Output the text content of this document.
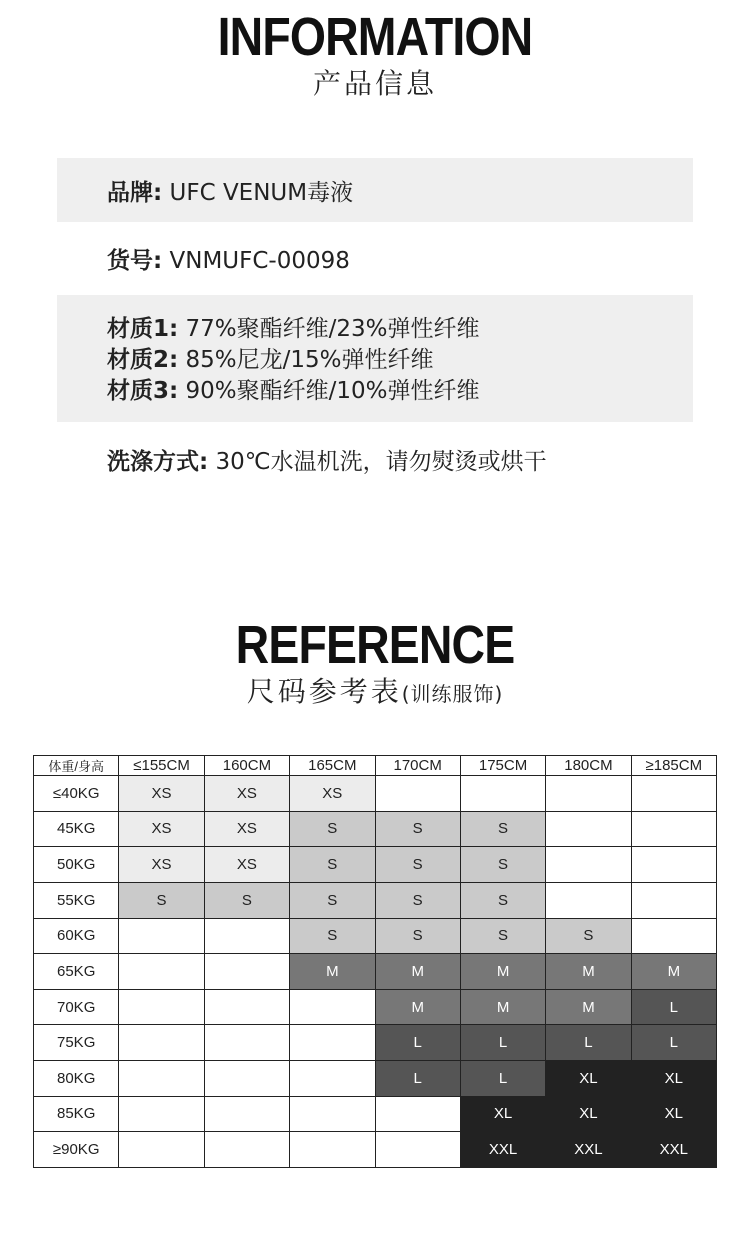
INFORMATION
产品信息
品牌: UFC VENUM毒液
货号: VNMUFC-00098
材质1: 77%聚酯纤维/23%弹性纤维
材质2: 85%尼龙/15%弹性纤维
材质3: 90%聚酯纤维/10%弹性纤维
洗涤方式: 30℃水温机洗，请勿熨烫或烘干
REFERENCE
尺码参考表(训练服饰)
体重/身高	≤155CM	160CM	165CM	170CM	175CM	180CM	≥185CM
≤40KG	XS	XS	XS				
45KG	XS	XS	S	S	S		
50KG	XS	XS	S	S	S		
55KG	S	S	S	S	S		
60KG			S	S	S	S	
65KG			M	M	M	M	M
70KG				M	M	M	L
75KG				L	L	L	L
80KG				L	L	XL	XL
85KG					XL	XL	XL
≥90KG					XXL	XXL	XXL
